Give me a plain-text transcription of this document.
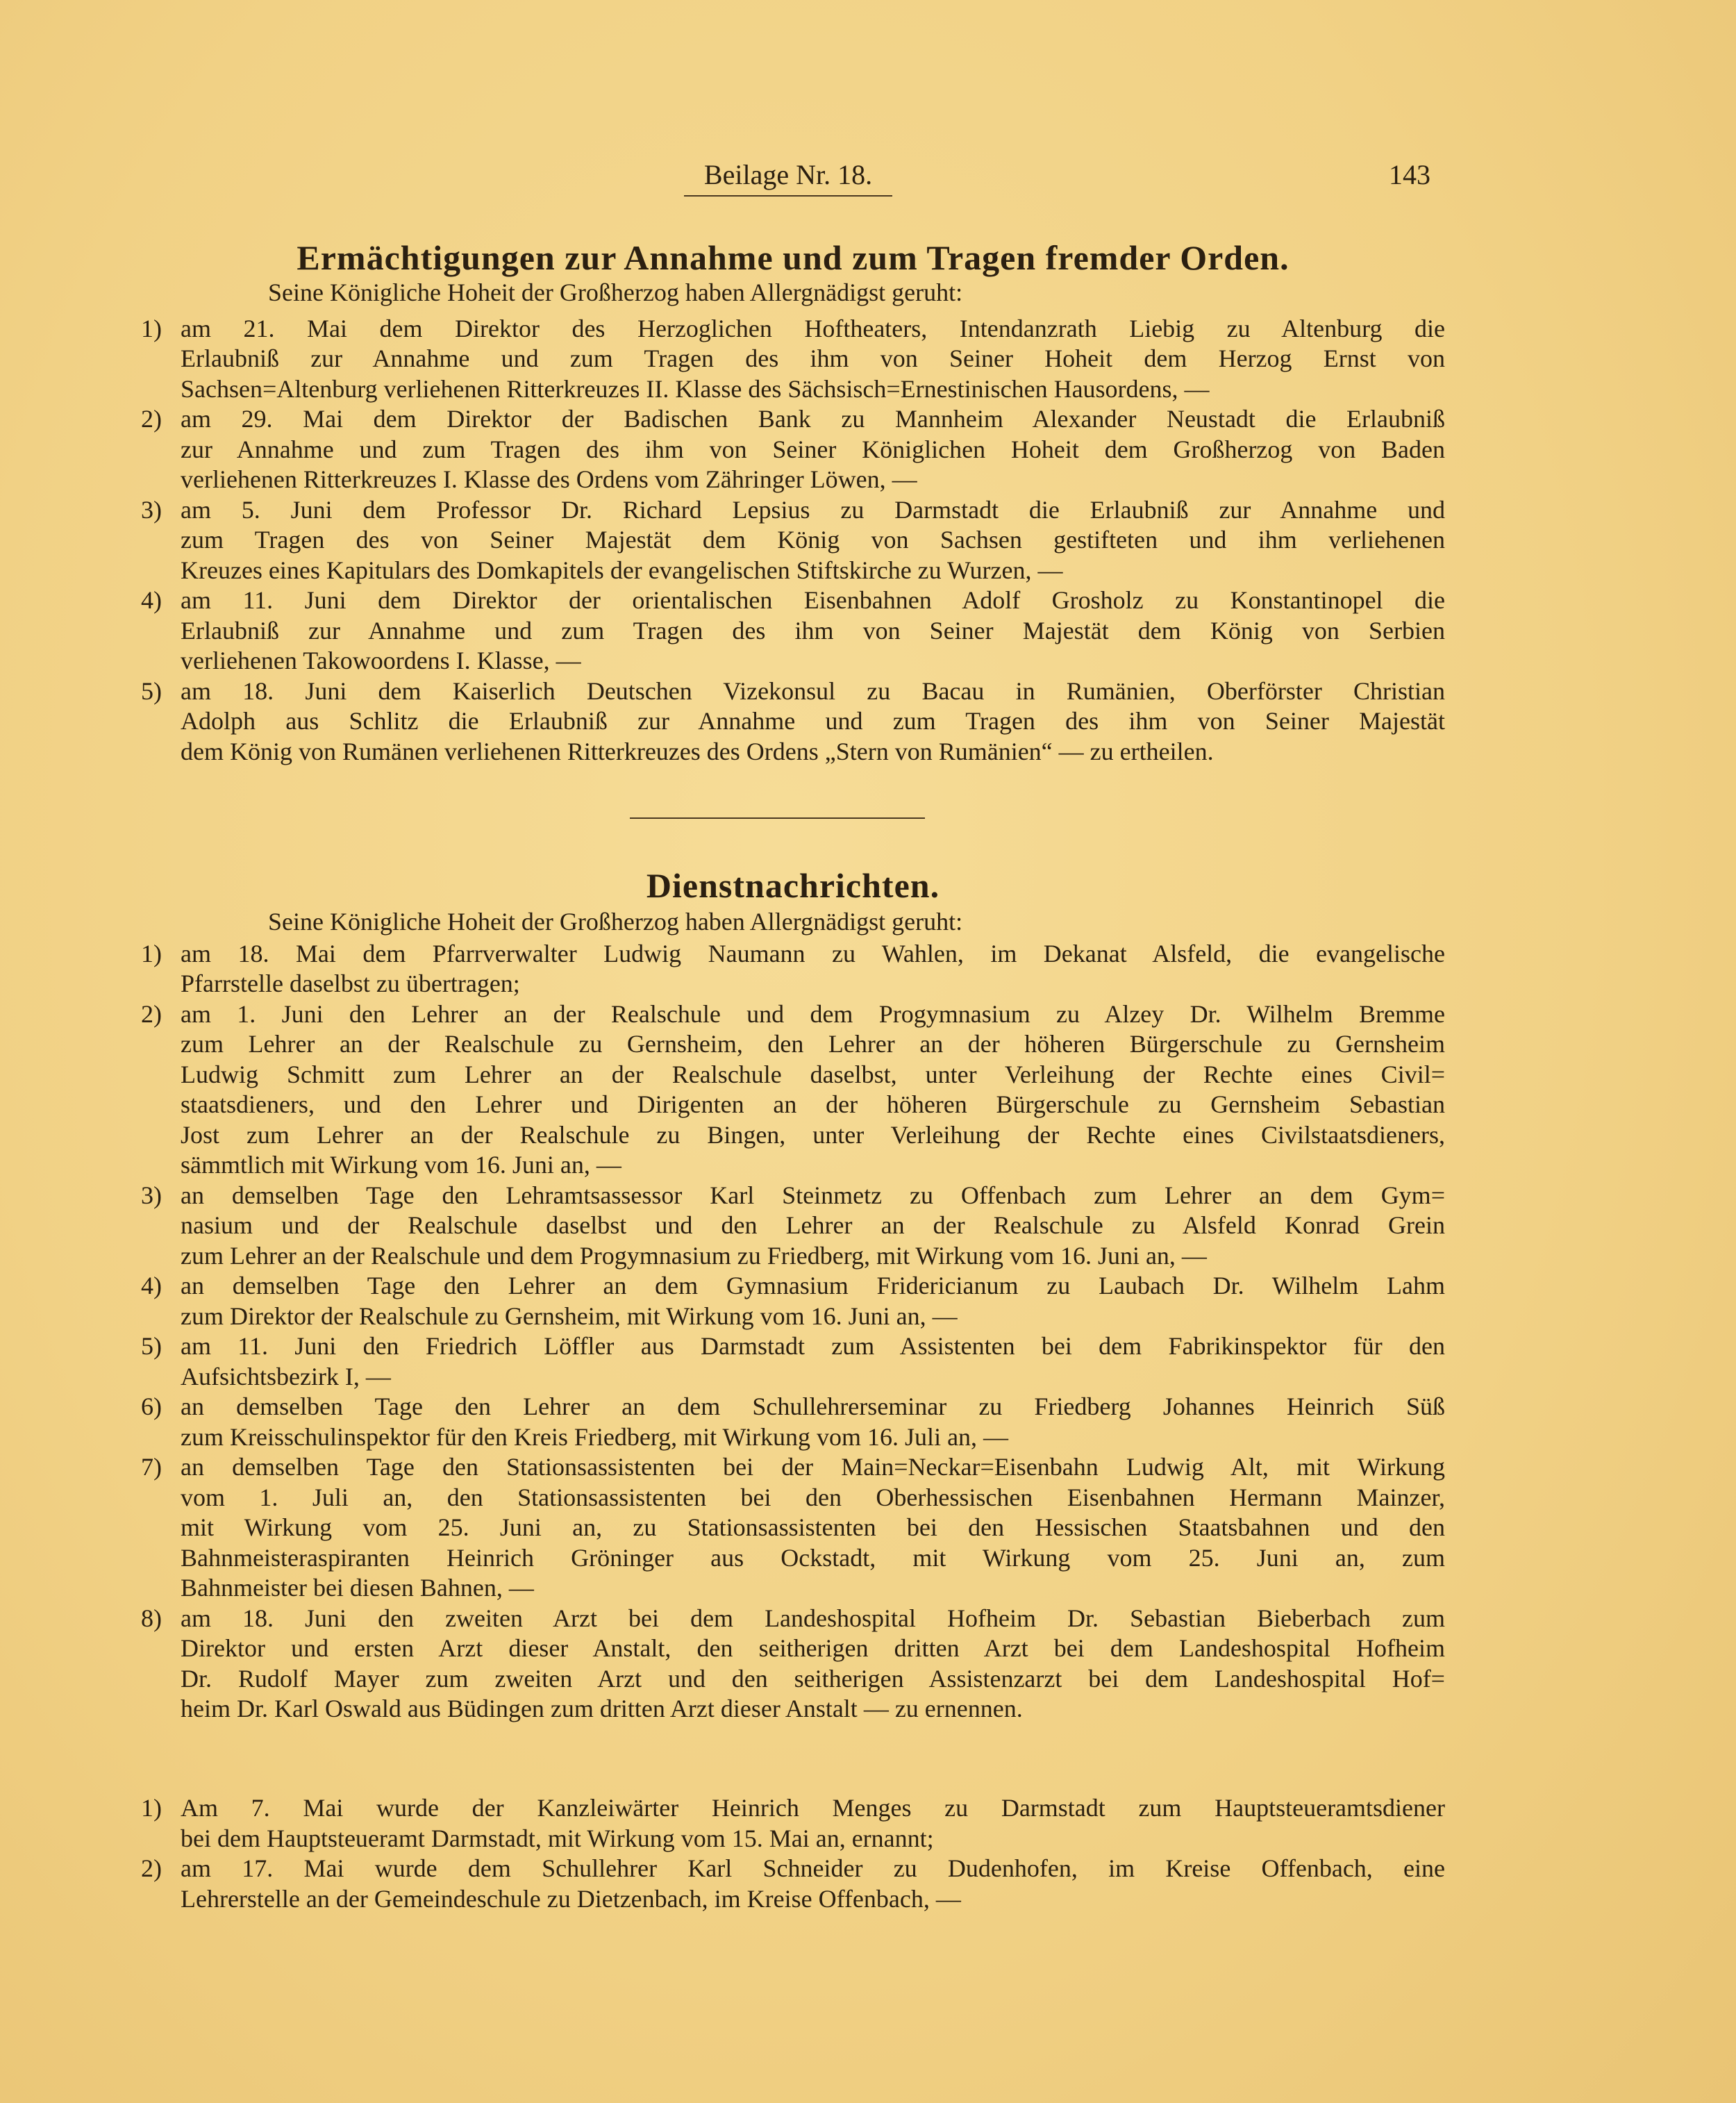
Beilage Nr. 18.	143
Ermächtigungen zur Annahme und zum Tragen fremder Orden.
Seine Königliche Hoheit der Großherzog haben Allergnädigst geruht:
1) am 21. Mai dem Direktor des Herzoglichen Hoftheaters, Intendanzrath Liebig zu Altenburg die
Erlaubniß zur Annahme und zum Tragen des ihm von Seiner Hoheit dem Herzog Ernst von
Sachsen=Altenburg verliehenen Ritterkreuzes II. Klasse des Sächsisch=Ernestinischen Hausordens, —
2) am 29. Mai dem Direktor der Badischen Bank zu Mannheim Alexander Neustadt die Erlaubniß
zur Annahme und zum Tragen des ihm von Seiner Königlichen Hoheit dem Großherzog von Baden
verliehenen Ritterkreuzes I. Klasse des Ordens vom Zähringer Löwen, —
3) am 5. Juni dem Professor Dr. Richard Lepsius zu Darmstadt die Erlaubniß zur Annahme und
zum Tragen des von Seiner Majestät dem König von Sachsen gestifteten und ihm verliehenen
Kreuzes eines Kapitulars des Domkapitels der evangelischen Stiftskirche zu Wurzen, —
4) am 11. Juni dem Direktor der orientalischen Eisenbahnen Adolf Grosholz zu Konstantinopel die
Erlaubniß zur Annahme und zum Tragen des ihm von Seiner Majestät dem König von Serbien
verliehenen Takowoordens I. Klasse, —
5) am 18. Juni dem Kaiserlich Deutschen Vizekonsul zu Bacau in Rumänien, Oberförster Christian
Adolph aus Schlitz die Erlaubniß zur Annahme und zum Tragen des ihm von Seiner Majestät
dem König von Rumänen verliehenen Ritterkreuzes des Ordens „Stern von Rumänien“ — zu ertheilen.
Dienstnachrichten.
Seine Königliche Hoheit der Großherzog haben Allergnädigst geruht:
1) am 18. Mai dem Pfarrverwalter Ludwig Naumann zu Wahlen, im Dekanat Alsfeld, die evangelische
Pfarrstelle daselbst zu übertragen;
2) am 1. Juni den Lehrer an der Realschule und dem Progymnasium zu Alzey Dr. Wilhelm Bremme
zum Lehrer an der Realschule zu Gernsheim, den Lehrer an der höheren Bürgerschule zu Gernsheim
Ludwig Schmitt zum Lehrer an der Realschule daselbst, unter Verleihung der Rechte eines Civil=
staatsdieners, und den Lehrer und Dirigenten an der höheren Bürgerschule zu Gernsheim Sebastian
Jost zum Lehrer an der Realschule zu Bingen, unter Verleihung der Rechte eines Civilstaatsdieners,
sämmtlich mit Wirkung vom 16. Juni an, —
3) an demselben Tage den Lehramtsassessor Karl Steinmetz zu Offenbach zum Lehrer an dem Gym=
nasium und der Realschule daselbst und den Lehrer an der Realschule zu Alsfeld Konrad Grein
zum Lehrer an der Realschule und dem Progymnasium zu Friedberg, mit Wirkung vom 16. Juni an, —
4) an demselben Tage den Lehrer an dem Gymnasium Fridericianum zu Laubach Dr. Wilhelm Lahm
zum Direktor der Realschule zu Gernsheim, mit Wirkung vom 16. Juni an, —
5) am 11. Juni den Friedrich Löffler aus Darmstadt zum Assistenten bei dem Fabrikinspektor für den
Aufsichtsbezirk I, —
6) an demselben Tage den Lehrer an dem Schullehrerseminar zu Friedberg Johannes Heinrich Süß
zum Kreisschulinspektor für den Kreis Friedberg, mit Wirkung vom 16. Juli an, —
7) an demselben Tage den Stationsassistenten bei der Main=Neckar=Eisenbahn Ludwig Alt, mit Wirkung
vom 1. Juli an, den Stationsassistenten bei den Oberhessischen Eisenbahnen Hermann Mainzer,
mit Wirkung vom 25. Juni an, zu Stationsassistenten bei den Hessischen Staatsbahnen und den
Bahnmeisteraspiranten Heinrich Gröninger aus Ockstadt, mit Wirkung vom 25. Juni an, zum
Bahnmeister bei diesen Bahnen, —
8) am 18. Juni den zweiten Arzt bei dem Landeshospital Hofheim Dr. Sebastian Bieberbach zum
Direktor und ersten Arzt dieser Anstalt, den seitherigen dritten Arzt bei dem Landeshospital Hofheim
Dr. Rudolf Mayer zum zweiten Arzt und den seitherigen Assistenzarzt bei dem Landeshospital Hof=
heim Dr. Karl Oswald aus Büdingen zum dritten Arzt dieser Anstalt — zu ernennen.
1) Am 7. Mai wurde der Kanzleiwärter Heinrich Menges zu Darmstadt zum Hauptsteueramtsdiener
bei dem Hauptsteueramt Darmstadt, mit Wirkung vom 15. Mai an, ernannt;
2) am 17. Mai wurde dem Schullehrer Karl Schneider zu Dudenhofen, im Kreise Offenbach, eine
Lehrerstelle an der Gemeindeschule zu Dietzenbach, im Kreise Offenbach, —
